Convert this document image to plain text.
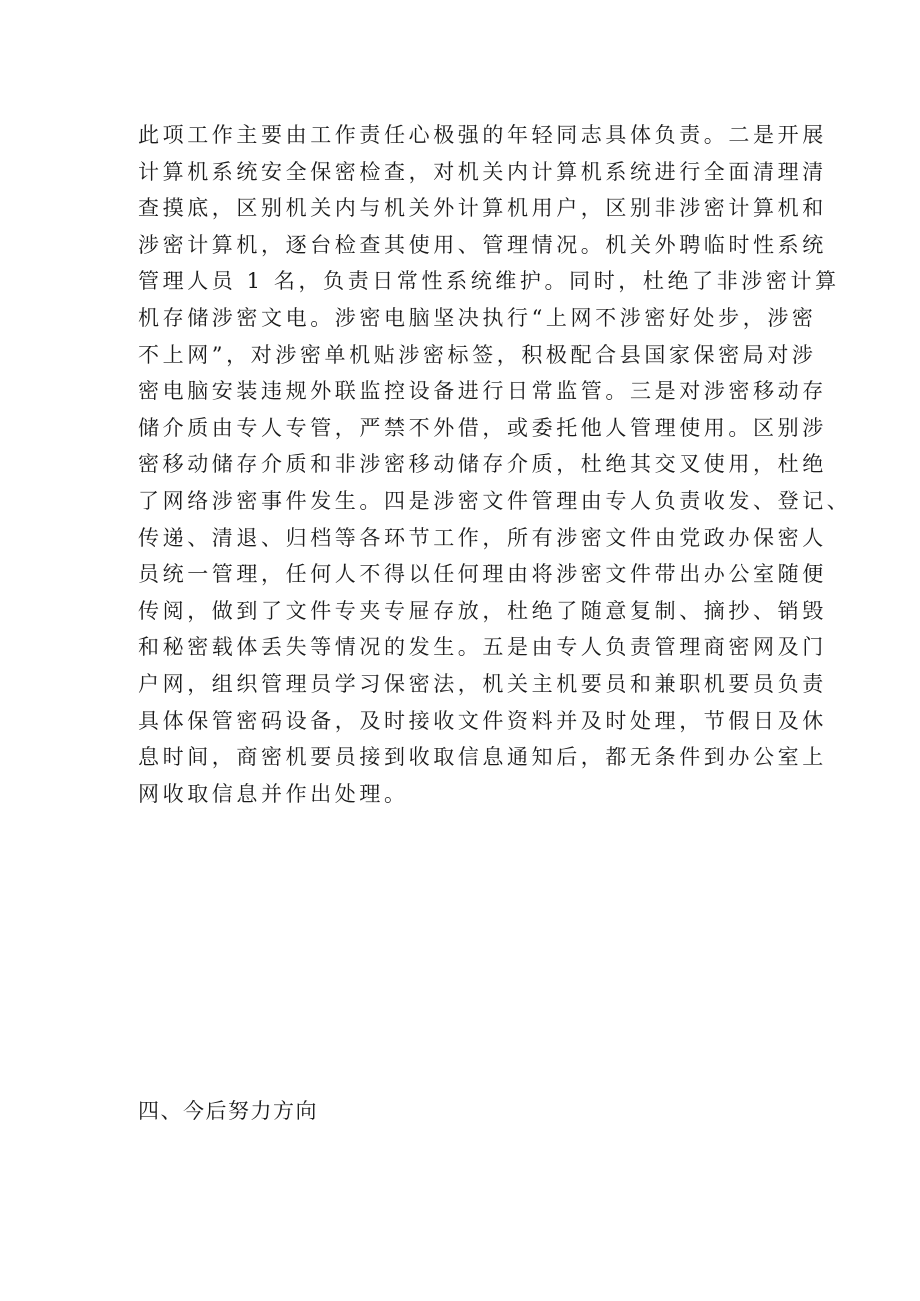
此项工作主要由工作责任心极强的年轻同志具体负责。二是开展
计算机系统安全保密检查，对机关内计算机系统进行全面清理清
查摸底，区别机关内与机关外计算机用户，区别非涉密计算机和
涉密计算机，逐台检查其使用、管理情况。机关外聘临时性系统
管理人员 1 名，负责日常性系统维护。同时，杜绝了非涉密计算
机存储涉密文电。涉密电脑坚决执行“上网不涉密好处步，涉密
不上网”，对涉密单机贴涉密标签，积极配合县国家保密局对涉
密电脑安装违规外联监控设备进行日常监管。三是对涉密移动存
储介质由专人专管，严禁不外借，或委托他人管理使用。区别涉
密移动储存介质和非涉密移动储存介质，杜绝其交叉使用，杜绝
了网络涉密事件发生。四是涉密文件管理由专人负责收发、登记、
传递、清退、归档等各环节工作，所有涉密文件由党政办保密人
员统一管理，任何人不得以任何理由将涉密文件带出办公室随便
传阅，做到了文件专夹专屉存放，杜绝了随意复制、摘抄、销毁
和秘密载体丢失等情况的发生。五是由专人负责管理商密网及门
户网，组织管理员学习保密法，机关主机要员和兼职机要员负责
具体保管密码设备，及时接收文件资料并及时处理，节假日及休
息时间，商密机要员接到收取信息通知后，都无条件到办公室上
网收取信息并作出处理。
四、今后努力方向
